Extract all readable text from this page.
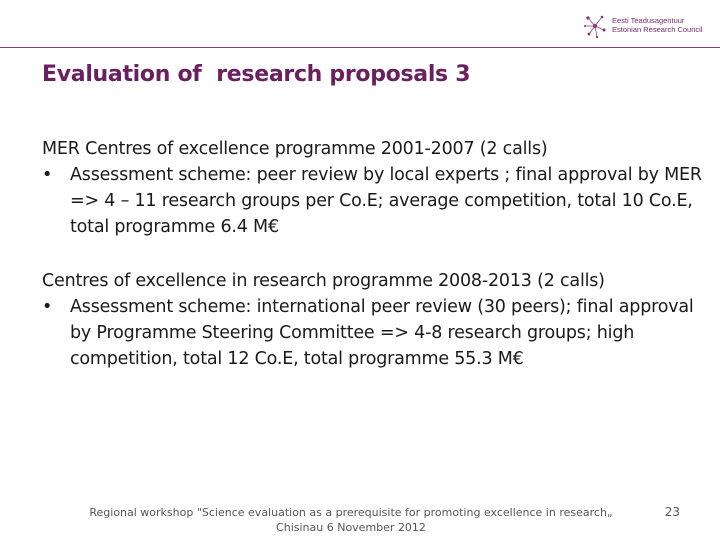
Eesti Teadusagentuur
Estonian Research Council
Evaluation of  research proposals 3

MER Centres of excellence programme 2001-2007 (2 calls)

• Assessment scheme: peer review by local experts ; final approval by MER => 4 – 11 research groups per Co.E; average competition, total 10 Co.E, total programme 6.4 M€

Centres of excellence in research programme 2008-2013 (2 calls)

• Assessment scheme: international peer review (30 peers); final approval by Programme Steering Committee => 4-8 research groups; high competition, total 12 Co.E, total programme 55.3 M€

Regional workshop "Science evaluation as a prerequisite for promoting excellence in research„
Chisinau 6 November 2012
23
